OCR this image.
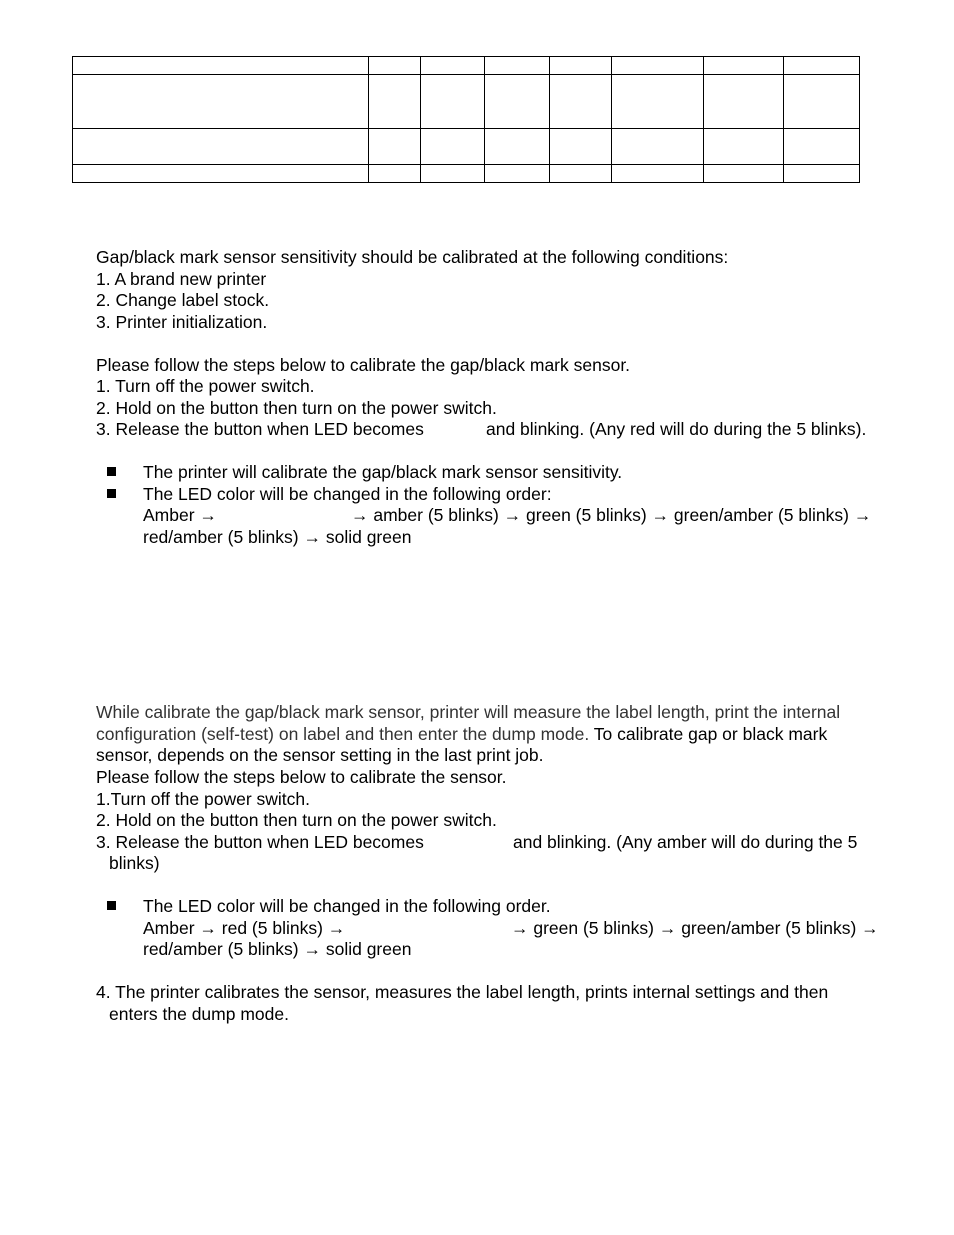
Gap/black mark sensor sensitivity should be calibrated at the following conditions:
1. A brand new printer
2. Change label stock.
3. Printer initialization.
Please follow the steps below to calibrate the gap/black mark sensor.
1. Turn off the power switch.
2. Hold on the button then turn on the power switch.
3. Release the button when LED becomes	and blinking. (Any red will do during the 5 blinks).
The printer will calibrate the gap/black mark sensor sensitivity.
The LED color will be changed in the following order:
Amber →	→ amber (5 blinks) → green (5 blinks) → green/amber (5 blinks) →
red/amber (5 blinks) → solid green
While calibrate the gap/black mark sensor, printer will measure the label length, print the internal
configuration (self-test) on label and then enter the dump mode. To calibrate gap or black mark
sensor, depends on the sensor setting in the last print job.
Please follow the steps below to calibrate the sensor.
1.Turn off the power switch.
2. Hold on the button then turn on the power switch.
3. Release the button when LED becomes	and blinking. (Any amber will do during the 5
blinks)
The LED color will be changed in the following order.
Amber → red (5 blinks) →	→ green (5 blinks) → green/amber (5 blinks) →
red/amber (5 blinks) → solid green
4. The printer calibrates the sensor, measures the label length, prints internal settings and then
enters the dump mode.
